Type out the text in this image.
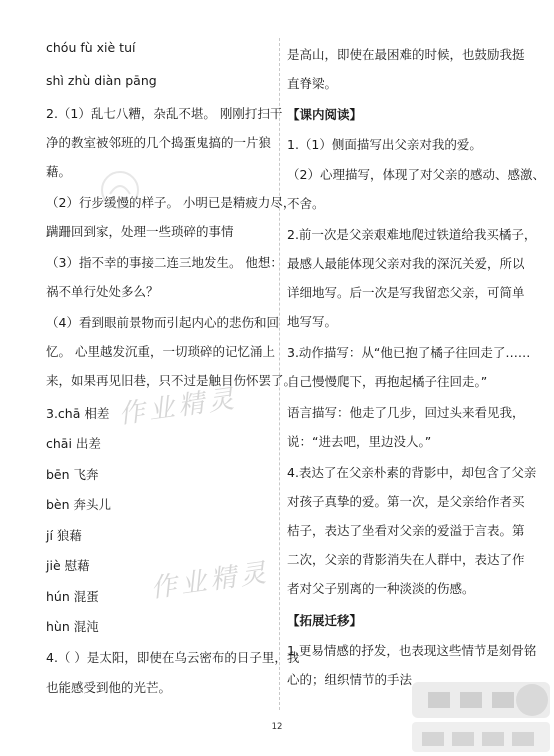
chóu fù xiè tuí
shì zhù diàn pāng
2.（1）乱七八糟，杂乱不堪。 刚刚打扫干
净的教室被邻班的几个捣蛋鬼搞的一片狼
藉。
（2）行步缓慢的样子。 小明已是精疲力尽，
蹒跚回到家，处理一些琐碎的事情
（3）指不幸的事接二连三地发生。 他想：
祸不单行处处多么？
（4）看到眼前景物而引起内心的悲伤和回
忆。 心里越发沉重，一切琐碎的记忆涌上
来，如果再见旧巷，只不过是触目伤怀罢了。
3.chā 相差
chāi 出差
bēn 飞奔
bèn 奔头儿
jí 狼藉
jiè 慰藉
hún 混蛋
hùn 混沌
4.（ ）是太阳，即使在乌云密布的日子里，我
也能感受到他的光芒。
是高山，即使在最困难的时候，也鼓励我挺
直脊梁。
【课内阅读】
1.（1）侧面描写出父亲对我的爱。
（2）心理描写，体现了对父亲的感动、感激、
不舍。
2.前一次是父亲艰难地爬过铁道给我买橘子，
最感人最能体现父亲对我的深沉关爱，所以
详细地写。后一次是写我留恋父亲，可简单
地写写。
3.动作描写：从“他已抱了橘子往回走了……
自己慢慢爬下，再抱起橘子往回走。”
语言描写：他走了几步，回过头来看见我，
说：“进去吧，里边没人。”
4.表达了在父亲朴素的背影中，却包含了父亲
对孩子真挚的爱。第一次，是父亲给作者买
桔子，表达了坐看对父亲的爱溢于言表。第
二次，父亲的背影消失在人群中，表达了作
者对父子别离的一种淡淡的伤感。
【拓展迁移】
1.更易情感的抒发，也表现这些情节是刻骨铭
心的；组织情节的手法
作业精灵
作业精灵
12
